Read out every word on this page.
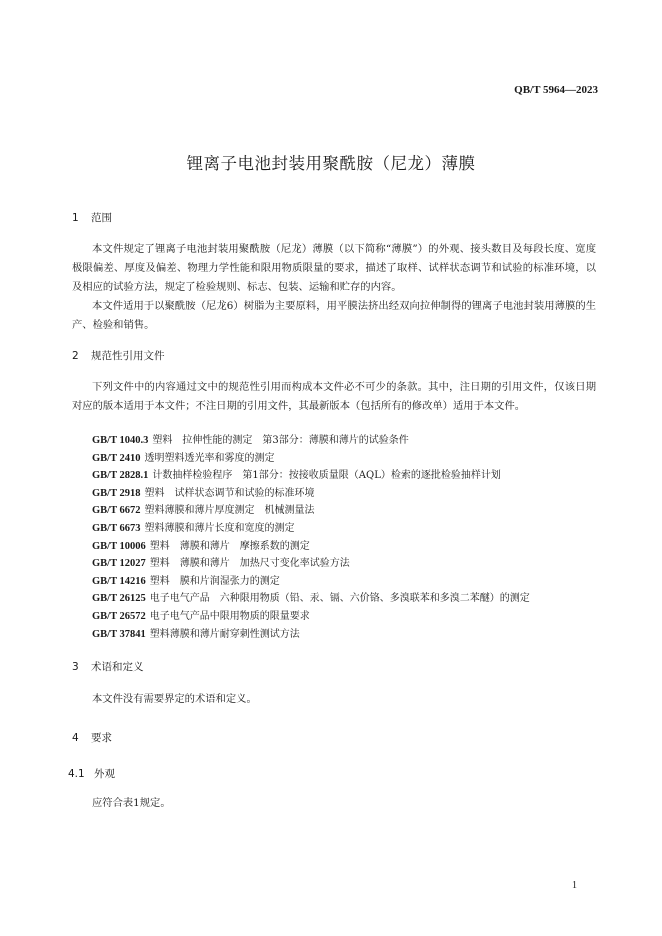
QB/T 5964—2023
锂离子电池封装用聚酰胺（尼龙）薄膜
1 范围

本文件规定了锂离子电池封装用聚酰胺（尼龙）薄膜（以下简称“薄膜”）的外观、接头数目及每段长度、宽度极限偏差、厚度及偏差、物理力学性能和限用物质限量的要求，描述了取样、试样状态调节和试验的标准环境，以及相应的试验方法，规定了检验规则、标志、包装、运输和贮存的内容。

本文件适用于以聚酰胺（尼龙6）树脂为主要原料，用平膜法挤出经双向拉伸制得的锂离子电池封装用薄膜的生产、检验和销售。

2 规范性引用文件

下列文件中的内容通过文中的规范性引用而构成本文件必不可少的条款。其中，注日期的引用文件，仅该日期对应的版本适用于本文件；不注日期的引用文件，其最新版本（包括所有的修改单）适用于本文件。

GB/T 1040.3 塑料　拉伸性能的测定　第3部分：薄膜和薄片的试验条件
GB/T 2410 透明塑料透光率和雾度的测定
GB/T 2828.1 计数抽样检验程序　第1部分：按接收质量限（AQL）检索的逐批检验抽样计划
GB/T 2918 塑料　试样状态调节和试验的标准环境
GB/T 6672 塑料薄膜和薄片厚度测定　机械测量法
GB/T 6673 塑料薄膜和薄片长度和宽度的测定
GB/T 10006 塑料　薄膜和薄片　摩擦系数的测定
GB/T 12027 塑料　薄膜和薄片　加热尺寸变化率试验方法
GB/T 14216 塑料　膜和片润湿张力的测定
GB/T 26125 电子电气产品　六种限用物质（铅、汞、镉、六价铬、多溴联苯和多溴二苯醚）的测定
GB/T 26572 电子电气产品中限用物质的限量要求
GB/T 37841 塑料薄膜和薄片耐穿刺性测试方法
3 术语和定义
本文件没有需要界定的术语和定义。
4 要求
4.1 外观
应符合表1规定。
1
